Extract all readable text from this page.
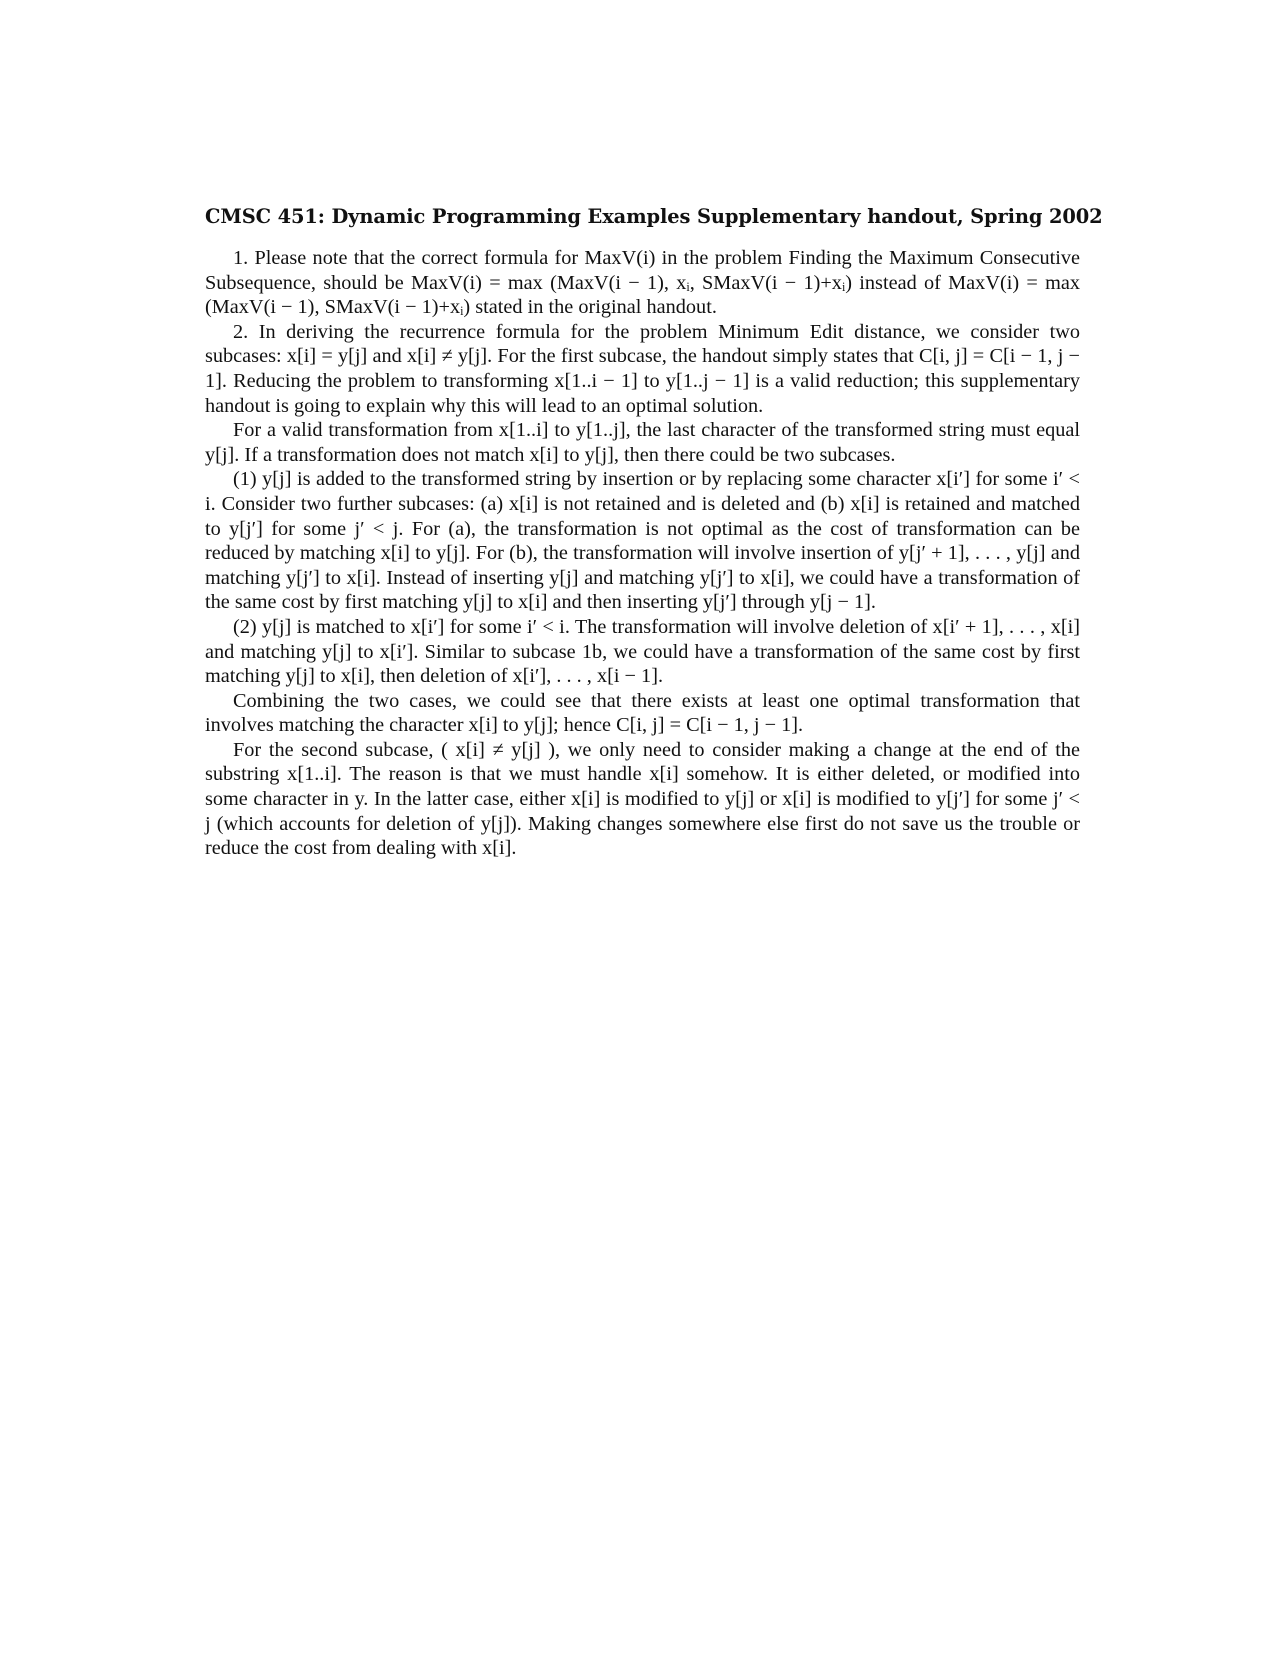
CMSC 451: Dynamic Programming Examples Supplementary handout, Spring 2002

1. Please note that the correct formula for MaxV(i) in the problem Finding the Maximum Consecutive Subsequence, should be MaxV(i) = max (MaxV(i − 1), xᵢ, SMaxV(i − 1)+xᵢ) instead of MaxV(i) = max (MaxV(i − 1), SMaxV(i − 1)+xᵢ) stated in the original handout.

2. In deriving the recurrence formula for the problem Minimum Edit distance, we consider two subcases: x[i] = y[j] and x[i] ≠ y[j]. For the first subcase, the handout simply states that C[i, j] = C[i − 1, j − 1]. Reducing the problem to transforming x[1..i − 1] to y[1..j − 1] is a valid reduction; this supplementary handout is going to explain why this will lead to an optimal solution.

For a valid transformation from x[1..i] to y[1..j], the last character of the transformed string must equal y[j]. If a transformation does not match x[i] to y[j], then there could be two subcases.

(1) y[j] is added to the transformed string by insertion or by replacing some character x[i′] for some i′ < i. Consider two further subcases: (a) x[i] is not retained and is deleted and (b) x[i] is retained and matched to y[j′] for some j′ < j. For (a), the transformation is not optimal as the cost of transformation can be reduced by matching x[i] to y[j]. For (b), the transformation will involve insertion of y[j′ + 1], . . . , y[j] and matching y[j′] to x[i]. Instead of inserting y[j] and matching y[j′] to x[i], we could have a transformation of the same cost by first matching y[j] to x[i] and then inserting y[j′] through y[j − 1].

(2) y[j] is matched to x[i′] for some i′ < i. The transformation will involve deletion of x[i′ + 1], . . . , x[i] and matching y[j] to x[i′]. Similar to subcase 1b, we could have a transformation of the same cost by first matching y[j] to x[i], then deletion of x[i′], . . . , x[i − 1].

Combining the two cases, we could see that there exists at least one optimal transformation that involves matching the character x[i] to y[j]; hence C[i, j] = C[i − 1, j − 1].

For the second subcase, ( x[i] ≠ y[j] ), we only need to consider making a change at the end of the substring x[1..i]. The reason is that we must handle x[i] somehow. It is either deleted, or modified into some character in y. In the latter case, either x[i] is modified to y[j] or x[i] is modified to y[j′] for some j′ < j (which accounts for deletion of y[j]). Making changes somewhere else first do not save us the trouble or reduce the cost from dealing with x[i].
